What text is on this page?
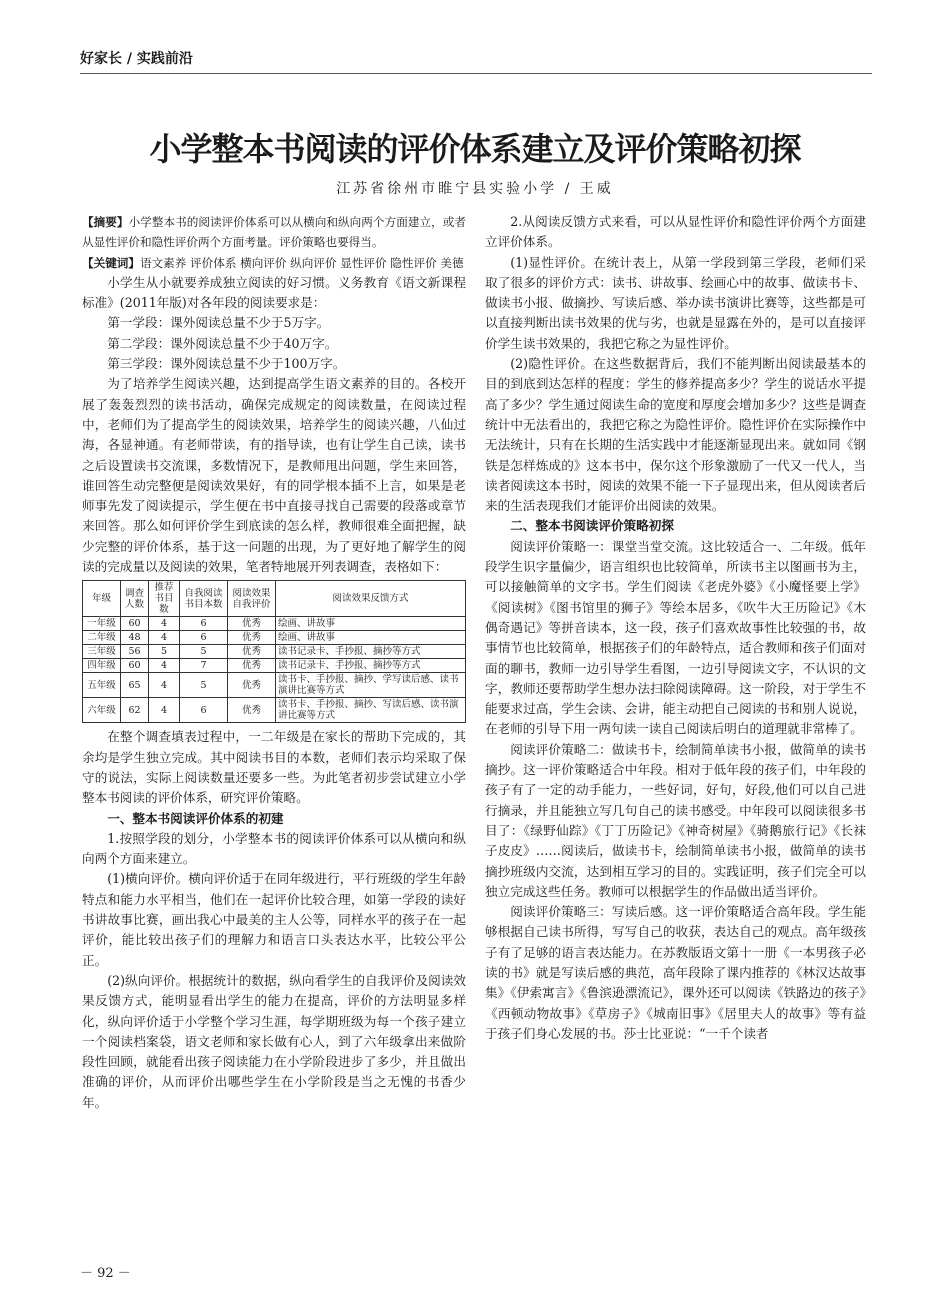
好家长 / 实践前沿
小学整本书阅读的评价体系建立及评价策略初探
江苏省徐州市睢宁县实验小学 / 王威

【摘要】小学整本书的阅读评价体系可以从横向和纵向两个方面建立，或者从显性评价和隐性评价两个方面考量。评价策略也要得当。

【关键词】语文素养 评价体系 横向评价 纵向评价 显性评价 隐性评价 美德

小学生从小就要养成独立阅读的好习惯。义务教育《语文新课程标准》(2011年版)对各年段的阅读要求是：

第一学段：课外阅读总量不少于5万字。

第二学段：课外阅读总量不少于40万字。

第三学段：课外阅读总量不少于100万字。

为了培养学生阅读兴趣，达到提高学生语文素养的目的。各校开展了轰轰烈烈的读书活动，确保完成规定的阅读数量，在阅读过程中，老师们为了提高学生的阅读效果，培养学生的阅读兴趣，八仙过海，各显神通。有老师带读，有的指导读，也有让学生自己读，读书之后设置读书交流课，多数情况下，是教师甩出问题，学生来回答，谁回答生动完整便是阅读效果好，有的同学根本插不上言，如果是老师事先发了阅读提示，学生便在书中直接寻找自己需要的段落或章节来回答。那么如何评价学生到底读的怎么样，教师很难全面把握，缺少完整的评价体系，基于这一问题的出现，为了更好地了解学生的阅读的完成量以及阅读的效果，笔者特地展开列表调查，表格如下：

年级	调查人数	推荐书目数	自我阅读书目本数	阅读效果自我评价	阅读效果反馈方式
一年级	60	4	6	优秀	绘画、讲故事
二年级	48	4	6	优秀	绘画、讲故事
三年级	56	5	5	优秀	读书记录卡、手抄报、摘抄等方式
四年级	60	4	7	优秀	读书记录卡、手抄报、摘抄等方式
五年级	65	4	5	优秀	读书卡、手抄报、摘抄、学写读后感、读书演讲比赛等方式
六年级	62	4	6	优秀	读书卡、手抄报、摘抄、写读后感、读书演讲比赛等方式

在整个调查填表过程中，一二年级是在家长的帮助下完成的，其余均是学生独立完成。其中阅读书目的本数，老师们表示均采取了保守的说法，实际上阅读数量还要多一些。为此笔者初步尝试建立小学整本书阅读的评价体系，研究评价策略。

一、整本书阅读评价体系的初建

1.按照学段的划分，小学整本书的阅读评价体系可以从横向和纵向两个方面来建立。

(1)横向评价。横向评价适于在同年级进行，平行班级的学生年龄特点和能力水平相当，他们在一起评价比较合理，如第一学段的读好书讲故事比赛，画出我心中最美的主人公等，同样水平的孩子在一起评价，能比较出孩子们的理解力和语言口头表达水平，比较公平公正。

(2)纵向评价。根据统计的数据，纵向看学生的自我评价及阅读效果反馈方式，能明显看出学生的能力在提高，评价的方法明显多样化，纵向评价适于小学整个学习生涯，每学期班级为每一个孩子建立一个阅读档案袋，语文老师和家长做有心人，到了六年级拿出来做阶段性回顾，就能看出孩子阅读能力在小学阶段进步了多少，并且做出准确的评价，从而评价出哪些学生在小学阶段是当之无愧的书香少年。

2.从阅读反馈方式来看，可以从显性评价和隐性评价两个方面建立评价体系。

(1)显性评价。在统计表上，从第一学段到第三学段，老师们采取了很多的评价方式：读书、讲故事、绘画心中的故事、做读书卡、做读书小报、做摘抄、写读后感、举办读书演讲比赛等，这些都是可以直接判断出读书效果的优与劣，也就是显露在外的，是可以直接评价学生读书效果的，我把它称之为显性评价。

(2)隐性评价。在这些数据背后，我们不能判断出阅读最基本的目的到底到达怎样的程度：学生的修养提高多少？学生的说话水平提高了多少？学生通过阅读生命的宽度和厚度会增加多少？这些是调查统计中无法看出的，我把它称之为隐性评价。隐性评价在实际操作中无法统计，只有在长期的生活实践中才能逐渐显现出来。就如同《钢铁是怎样炼成的》这本书中，保尔这个形象激励了一代又一代人，当读者阅读这本书时，阅读的效果不能一下子显现出来，但从阅读者后来的生活表现我们才能评价出阅读的效果。

二、整本书阅读评价策略初探

阅读评价策略一：课堂当堂交流。这比较适合一、二年级。低年段学生识字量偏少，语言组织也比较简单，所读书主以图画书为主，可以接触简单的文字书。学生们阅读《老虎外婆》《小魔怪要上学》《阅读树》《图书馆里的狮子》等绘本居多，《吹牛大王历险记》《木偶奇遇记》等拼音读本，这一段，孩子们喜欢故事性比较强的书，故事情节也比较简单，根据孩子们的年龄特点，适合教师和孩子们面对面的聊书，教师一边引导学生看图，一边引导阅读文字，不认识的文字，教师还要帮助学生想办法扫除阅读障碍。这一阶段，对于学生不能要求过高，学生会读、会讲，能主动把自己阅读的书和别人说说，在老师的引导下用一两句读一读自己阅读后明白的道理就非常棒了。

阅读评价策略二：做读书卡，绘制简单读书小报，做简单的读书摘抄。这一评价策略适合中年段。相对于低年段的孩子们，中年段的孩子有了一定的动手能力，一些好词，好句，好段,他们可以自己进行摘录，并且能独立写几句自己的读书感受。中年段可以阅读很多书目了：《绿野仙踪》《丁丁历险记》《神奇树屋》《骑鹅旅行记》《长袜子皮皮》……阅读后，做读书卡，绘制简单读书小报，做简单的读书摘抄班级内交流，达到相互学习的目的。实践证明，孩子们完全可以独立完成这些任务。教师可以根据学生的作品做出适当评价。

阅读评价策略三：写读后感。这一评价策略适合高年段。学生能够根据自己读书所得，写写自己的收获，表达自己的观点。高年级孩子有了足够的语言表达能力。在苏教版语文第十一册《一本男孩子必读的书》就是写读后感的典范，高年段除了课内推荐的《林汉达故事集》《伊索寓言》《鲁滨逊漂流记》，课外还可以阅读《铁路边的孩子》《西顿动物故事》《草房子》《城南旧事》《居里夫人的故事》等有益于孩子们身心发展的书。莎士比亚说：“一千个读者

－ 92 －
